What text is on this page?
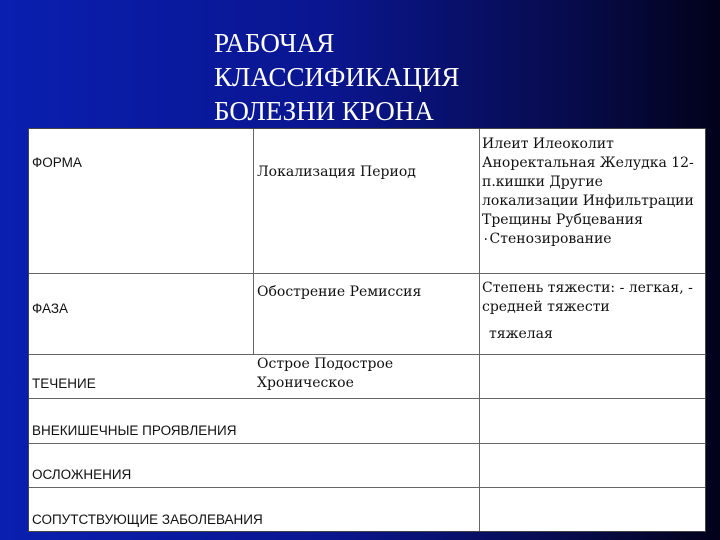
РАБОЧАЯ
КЛАССИФИКАЦИЯ
БОЛЕЗНИ КРОНА
ФОРМА
Локализация Период
Илеит Илеоколит Аноректальная Желудка 12-п.кишки Другие локализации Инфильтрации Трещины Рубцевания ۰Стенозирование
ФАЗА
Обострение Ремиссия	Степень тяжести: - легкая, - средней тяжести
тяжелая
ТЕЧЕНИЕ
Острое Подострое Хроническое
ВНЕКИШЕЧНЫЕ ПРОЯВЛЕНИЯ
ОСЛОЖНЕНИЯ
СОПУТСТВУЮЩИЕ ЗАБОЛЕВАНИЯ
